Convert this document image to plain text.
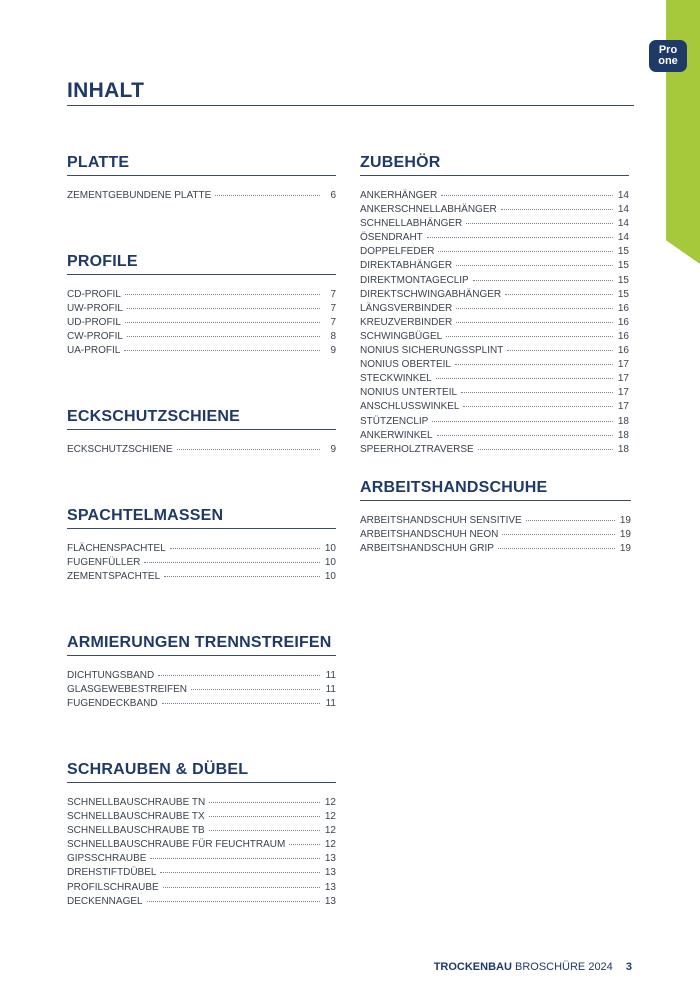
Pro
one
INHALT
PLATTE
ZEMENTGEBUNDENE PLATTE	6
PROFILE
CD-PROFIL	7
UW-PROFIL	7
UD-PROFIL	7
CW-PROFIL	8
UA-PROFIL	9
ECKSCHUTZSCHIENE
ECKSCHUTZSCHIENE	9
SPACHTELMASSEN
FLÄCHENSPACHTEL	10
FUGENFÜLLER	10
ZEMENTSPACHTEL	10
ARMIERUNGEN TRENNSTREIFEN
DICHTUNGSBAND	11
GLASGEWEBESTREIFEN	11
FUGENDECKBAND	11
SCHRAUBEN & DÜBEL
SCHNELLBAUSCHRAUBE TN	12
SCHNELLBAUSCHRAUBE TX	12
SCHNELLBAUSCHRAUBE TB	12
SCHNELLBAUSCHRAUBE FÜR FEUCHTRAUM	12
GIPSSCHRAUBE	13
DREHSTIFTDÜBEL	13
PROFILSCHRAUBE	13
DECKENNAGEL	13
ZUBEHÖR
ANKERHÄNGER	14
ANKERSCHNELLABHÄNGER	14
SCHNELLABHÄNGER	14
ÖSENDRAHT	14
DOPPELFEDER	15
DIREKTABHÄNGER	15
DIREKTMONTAGECLIP	15
DIREKTSCHWINGABHÄNGER	15
LÄNGSVERBINDER	16
KREUZVERBINDER	16
SCHWINGBÜGEL	16
NONIUS SICHERUNGSSPLINT	16
NONIUS OBERTEIL	17
STECKWINKEL	17
NONIUS UNTERTEIL	17
ANSCHLUSSWINKEL	17
STÜTZENCLIP	18
ANKERWINKEL	18
SPEERHOLZTRAVERSE	18
ARBEITSHANDSCHUHE
ARBEITSHANDSCHUH SENSITIVE	19
ARBEITSHANDSCHUH NEON	19
ARBEITSHANDSCHUH GRIP	19
TROCKENBAU BROSCHÜRE 2024 3
